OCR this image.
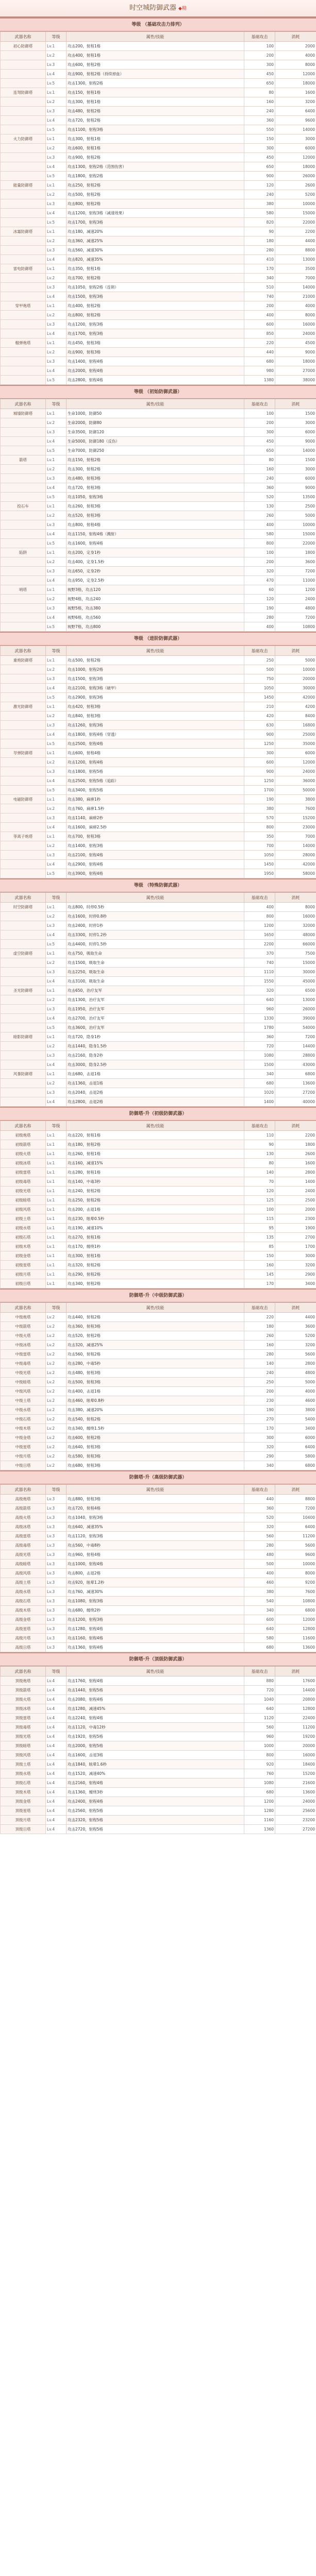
时空城防御武器 ◆精
等级 （基础攻击力排列）
武器名称	等级	属性/技能	基础攻击	消耗
初心防御塔	Lv.1	攻击200，射程1格	100	2000
	Lv.2	攻击400，射程1格	200	4000
	Lv.3	攻击600，射程2格	300	8000
	Lv.4	攻击900，射程2格（持续掉血）	450	12000
	Lv.5	攻击1300，射程2格	650	18000
连弩防御塔	Lv.1	攻击150，射程1格	80	1600
	Lv.2	攻击300，射程1格	160	3200
	Lv.3	攻击480，射程2格	240	6400
	Lv.4	攻击720，射程2格	360	9600
	Lv.5	攻击1100，射程3格	550	14000
火力防御塔	Lv.1	攻击300，射程1格	150	3000
	Lv.2	攻击600，射程1格	300	6000
	Lv.3	攻击900，射程2格	450	12000
	Lv.4	攻击1300，射程2格（范围伤害）	650	18000
	Lv.5	攻击1800，射程2格	900	26000
能量防御塔	Lv.1	攻击250，射程2格	120	2600
	Lv.2	攻击500，射程2格	240	5200
	Lv.3	攻击800，射程2格	380	10000
	Lv.4	攻击1200，射程3格（减速效果）	580	15000
	Lv.5	攻击1700，射程3格	820	22000
冰霜防御塔	Lv.1	攻击180，减速20%	90	2200
	Lv.2	攻击360，减速25%	180	4400
	Lv.3	攻击560，减速30%	280	8800
	Lv.4	攻击820，减速35%	410	13000
雷电防御塔	Lv.1	攻击350，射程1格	170	3500
	Lv.2	攻击700，射程2格	340	7000
	Lv.3	攻击1050，射程2格（连锁）	510	14000
	Lv.4	攻击1500，射程3格	740	21000
穿甲炮塔	Lv.1	攻击400，射程2格	200	4000
	Lv.2	攻击800，射程2格	400	8000
	Lv.3	攻击1200，射程3格	600	16000
	Lv.4	攻击1700，射程3格	850	24000
榴弹炮塔	Lv.1	攻击450，射程3格	220	4500
	Lv.2	攻击900，射程3格	440	9000
	Lv.3	攻击1400，射程4格	680	18000
	Lv.4	攻击2000，射程4格	980	27000
	Lv.5	攻击2800，射程4格	1380	38000
等级 （初始防御武器）
武器名称	等级	属性/技能	基础攻击	消耗
城墙防御塔	Lv.1	生命1000，防御50	100	1500
	Lv.2	生命2000，防御80	200	3000
	Lv.3	生命3500，防御120	300	6000
	Lv.4	生命5000，防御180（反伤）	450	9000
	Lv.5	生命7000，防御250	650	14000
箭塔	Lv.1	攻击150，射程2格	80	1500
	Lv.2	攻击300，射程2格	160	3000
	Lv.3	攻击480，射程3格	240	6000
	Lv.4	攻击720，射程3格	360	9000
	Lv.5	攻击1050，射程3格	520	13500
投石车	Lv.1	攻击260，射程3格	130	2500
	Lv.2	攻击520，射程3格	260	5000
	Lv.3	攻击800，射程4格	400	10000
	Lv.4	攻击1150，射程4格（溅射）	580	15000
	Lv.5	攻击1600，射程4格	800	22000
陷阱	Lv.1	攻击200，定身1秒	100	1800
	Lv.2	攻击400，定身1.5秒	200	3600
	Lv.3	攻击650，定身2秒	320	7200
	Lv.4	攻击950，定身2.5秒	470	11000
哨塔	Lv.1	视野3格，攻击120	60	1200
	Lv.2	视野4格，攻击240	120	2400
	Lv.3	视野5格，攻击380	190	4800
	Lv.4	视野6格，攻击560	280	7200
	Lv.5	视野7格，攻击800	400	10800
等级 （进阶防御武器）
武器名称	等级	属性/技能	基础攻击	消耗
重炮防御塔	Lv.1	攻击500，射程2格	250	5000
	Lv.2	攻击1000，射程2格	500	10000
	Lv.3	攻击1500，射程3格	750	20000
	Lv.4	攻击2100，射程3格（破甲）	1050	30000
	Lv.5	攻击2900，射程3格	1450	42000
激光防御塔	Lv.1	攻击420，射程3格	210	4200
	Lv.2	攻击840，射程3格	420	8400
	Lv.3	攻击1260，射程3格	630	16800
	Lv.4	攻击1800，射程4格（穿透）	900	25000
	Lv.5	攻击2500，射程4格	1250	35000
导弹防御塔	Lv.1	攻击600，射程4格	300	6000
	Lv.2	攻击1200，射程4格	600	12000
	Lv.3	攻击1800，射程5格	900	24000
	Lv.4	攻击2500，射程5格（追踪）	1250	36000
	Lv.5	攻击3400，射程5格	1700	50000
电磁防御塔	Lv.1	攻击380，麻痹1秒	190	3800
	Lv.2	攻击760，麻痹1.5秒	380	7600
	Lv.3	攻击1140，麻痹2秒	570	15200
	Lv.4	攻击1600，麻痹2.5秒	800	23000
等离子炮塔	Lv.1	攻击700，射程3格	350	7000
	Lv.2	攻击1400，射程3格	700	14000
	Lv.3	攻击2100，射程4格	1050	28000
	Lv.4	攻击2900，射程4格	1450	42000
	Lv.5	攻击3900，射程4格	1950	58000
等级 （特殊防御武器）
武器名称	等级	属性/技能	基础攻击	消耗
时空防御塔	Lv.1	攻击800，时停0.5秒	400	8000
	Lv.2	攻击1600，时停0.8秒	800	16000
	Lv.3	攻击2400，时停1秒	1200	32000
	Lv.4	攻击3300，时停1.2秒	1650	48000
	Lv.5	攻击4400，时停1.5秒	2200	66000
虚空防御塔	Lv.1	攻击750，吸取生命	370	7500
	Lv.2	攻击1500，吸取生命	740	15000
	Lv.3	攻击2250，吸取生命	1110	30000
	Lv.4	攻击3100，吸取生命	1550	45000
圣光防御塔	Lv.1	攻击650，治疗友军	320	6500
	Lv.2	攻击1300，治疗友军	640	13000
	Lv.3	攻击1950，治疗友军	960	26000
	Lv.4	攻击2700，治疗友军	1330	39000
	Lv.5	攻击3600，治疗友军	1780	54000
暗影防御塔	Lv.1	攻击720，隐身1秒	360	7200
	Lv.2	攻击1440，隐身1.5秒	720	14400
	Lv.3	攻击2160，隐身2秒	1080	28800
	Lv.4	攻击3000，隐身2.5秒	1500	43000
风暴防御塔	Lv.1	攻击680，击退1格	340	6800
	Lv.2	攻击1360，击退1格	680	13600
	Lv.3	攻击2040，击退2格	1020	27200
	Lv.4	攻击2800，击退2格	1400	40000
防御塔·升（初级防御武器）
武器名称	等级	属性/技能	基础攻击	消耗
初级炮塔	Lv.1	攻击220，射程1格	110	2200
初级箭塔	Lv.1	攻击180，射程2格	90	1800
初级火塔	Lv.1	攻击260，射程1格	130	2600
初级冰塔	Lv.1	攻击160，减速15%	80	1600
初级雷塔	Lv.1	攻击280，射程1格	140	2800
初级毒塔	Lv.1	攻击140，中毒3秒	70	1400
初级光塔	Lv.1	攻击240，射程2格	120	2400
初级暗塔	Lv.1	攻击250，射程2格	125	2500
初级风塔	Lv.1	攻击200，击退1格	100	2000
初级土塔	Lv.1	攻击230，眩晕0.5秒	115	2300
初级水塔	Lv.1	攻击190，减速10%	95	1900
初级石塔	Lv.1	攻击270，射程1格	135	2700
初级木塔	Lv.1	攻击170，缠绕1秒	85	1700
初级金塔	Lv.1	攻击300，射程1格	150	3000
初级星塔	Lv.1	攻击320，射程2格	160	3200
初级月塔	Lv.1	攻击290，射程2格	145	2900
初级日塔	Lv.1	攻击340，射程2格	170	3400
防御塔·升（中级防御武器）
武器名称	等级	属性/技能	基础攻击	消耗
中级炮塔	Lv.2	攻击440，射程2格	220	4400
中级箭塔	Lv.2	攻击360，射程3格	180	3600
中级火塔	Lv.2	攻击520，射程2格	260	5200
中级冰塔	Lv.2	攻击320，减速25%	160	3200
中级雷塔	Lv.2	攻击560，射程2格	280	5600
中级毒塔	Lv.2	攻击280，中毒5秒	140	2800
中级光塔	Lv.2	攻击480，射程3格	240	4800
中级暗塔	Lv.2	攻击500，射程3格	250	5000
中级风塔	Lv.2	攻击400，击退1格	200	4000
中级土塔	Lv.2	攻击460，眩晕0.8秒	230	4600
中级水塔	Lv.2	攻击380，减速20%	190	3800
中级石塔	Lv.2	攻击540，射程2格	270	5400
中级木塔	Lv.2	攻击340，缠绕1.5秒	170	3400
中级金塔	Lv.2	攻击600，射程2格	300	6000
中级星塔	Lv.2	攻击640，射程3格	320	6400
中级月塔	Lv.2	攻击580，射程3格	290	5800
中级日塔	Lv.2	攻击680，射程3格	340	6800
防御塔·升（高级防御武器）
武器名称	等级	属性/技能	基础攻击	消耗
高级炮塔	Lv.3	攻击880，射程3格	440	8800
高级箭塔	Lv.3	攻击720，射程4格	360	7200
高级火塔	Lv.3	攻击1040，射程3格	520	10400
高级冰塔	Lv.3	攻击640，减速35%	320	6400
高级雷塔	Lv.3	攻击1120，射程3格	560	11200
高级毒塔	Lv.3	攻击560，中毒8秒	280	5600
高级光塔	Lv.3	攻击960，射程4格	480	9600
高级暗塔	Lv.3	攻击1000，射程4格	500	10000
高级风塔	Lv.3	攻击800，击退2格	400	8000
高级土塔	Lv.3	攻击920，眩晕1.2秒	460	9200
高级水塔	Lv.3	攻击760，减速30%	380	7600
高级石塔	Lv.3	攻击1080，射程3格	540	10800
高级木塔	Lv.3	攻击680，缠绕2秒	340	6800
高级金塔	Lv.3	攻击1200，射程3格	600	12000
高级星塔	Lv.3	攻击1280，射程4格	640	12800
高级月塔	Lv.3	攻击1160，射程4格	580	11600
高级日塔	Lv.3	攻击1360，射程4格	680	13600
防御塔·升（顶级防御武器）
武器名称	等级	属性/技能	基础攻击	消耗
顶级炮塔	Lv.4	攻击1760，射程4格	880	17600
顶级箭塔	Lv.4	攻击1440，射程5格	720	14400
顶级火塔	Lv.4	攻击2080，射程4格	1040	20800
顶级冰塔	Lv.4	攻击1280，减速45%	640	12800
顶级雷塔	Lv.4	攻击2240，射程4格	1120	22400
顶级毒塔	Lv.4	攻击1120，中毒12秒	560	11200
顶级光塔	Lv.4	攻击1920，射程5格	960	19200
顶级暗塔	Lv.4	攻击2000，射程5格	1000	20000
顶级风塔	Lv.4	攻击1600，击退3格	800	16000
顶级土塔	Lv.4	攻击1840，眩晕1.6秒	920	18400
顶级水塔	Lv.4	攻击1520，减速40%	760	15200
顶级石塔	Lv.4	攻击2160，射程4格	1080	21600
顶级木塔	Lv.4	攻击1360，缠绕3秒	680	13600
顶级金塔	Lv.4	攻击2400，射程4格	1200	24000
顶级星塔	Lv.4	攻击2560，射程5格	1280	25600
顶级月塔	Lv.4	攻击2320，射程5格	1160	23200
顶级日塔	Lv.4	攻击2720，射程5格	1360	27200
